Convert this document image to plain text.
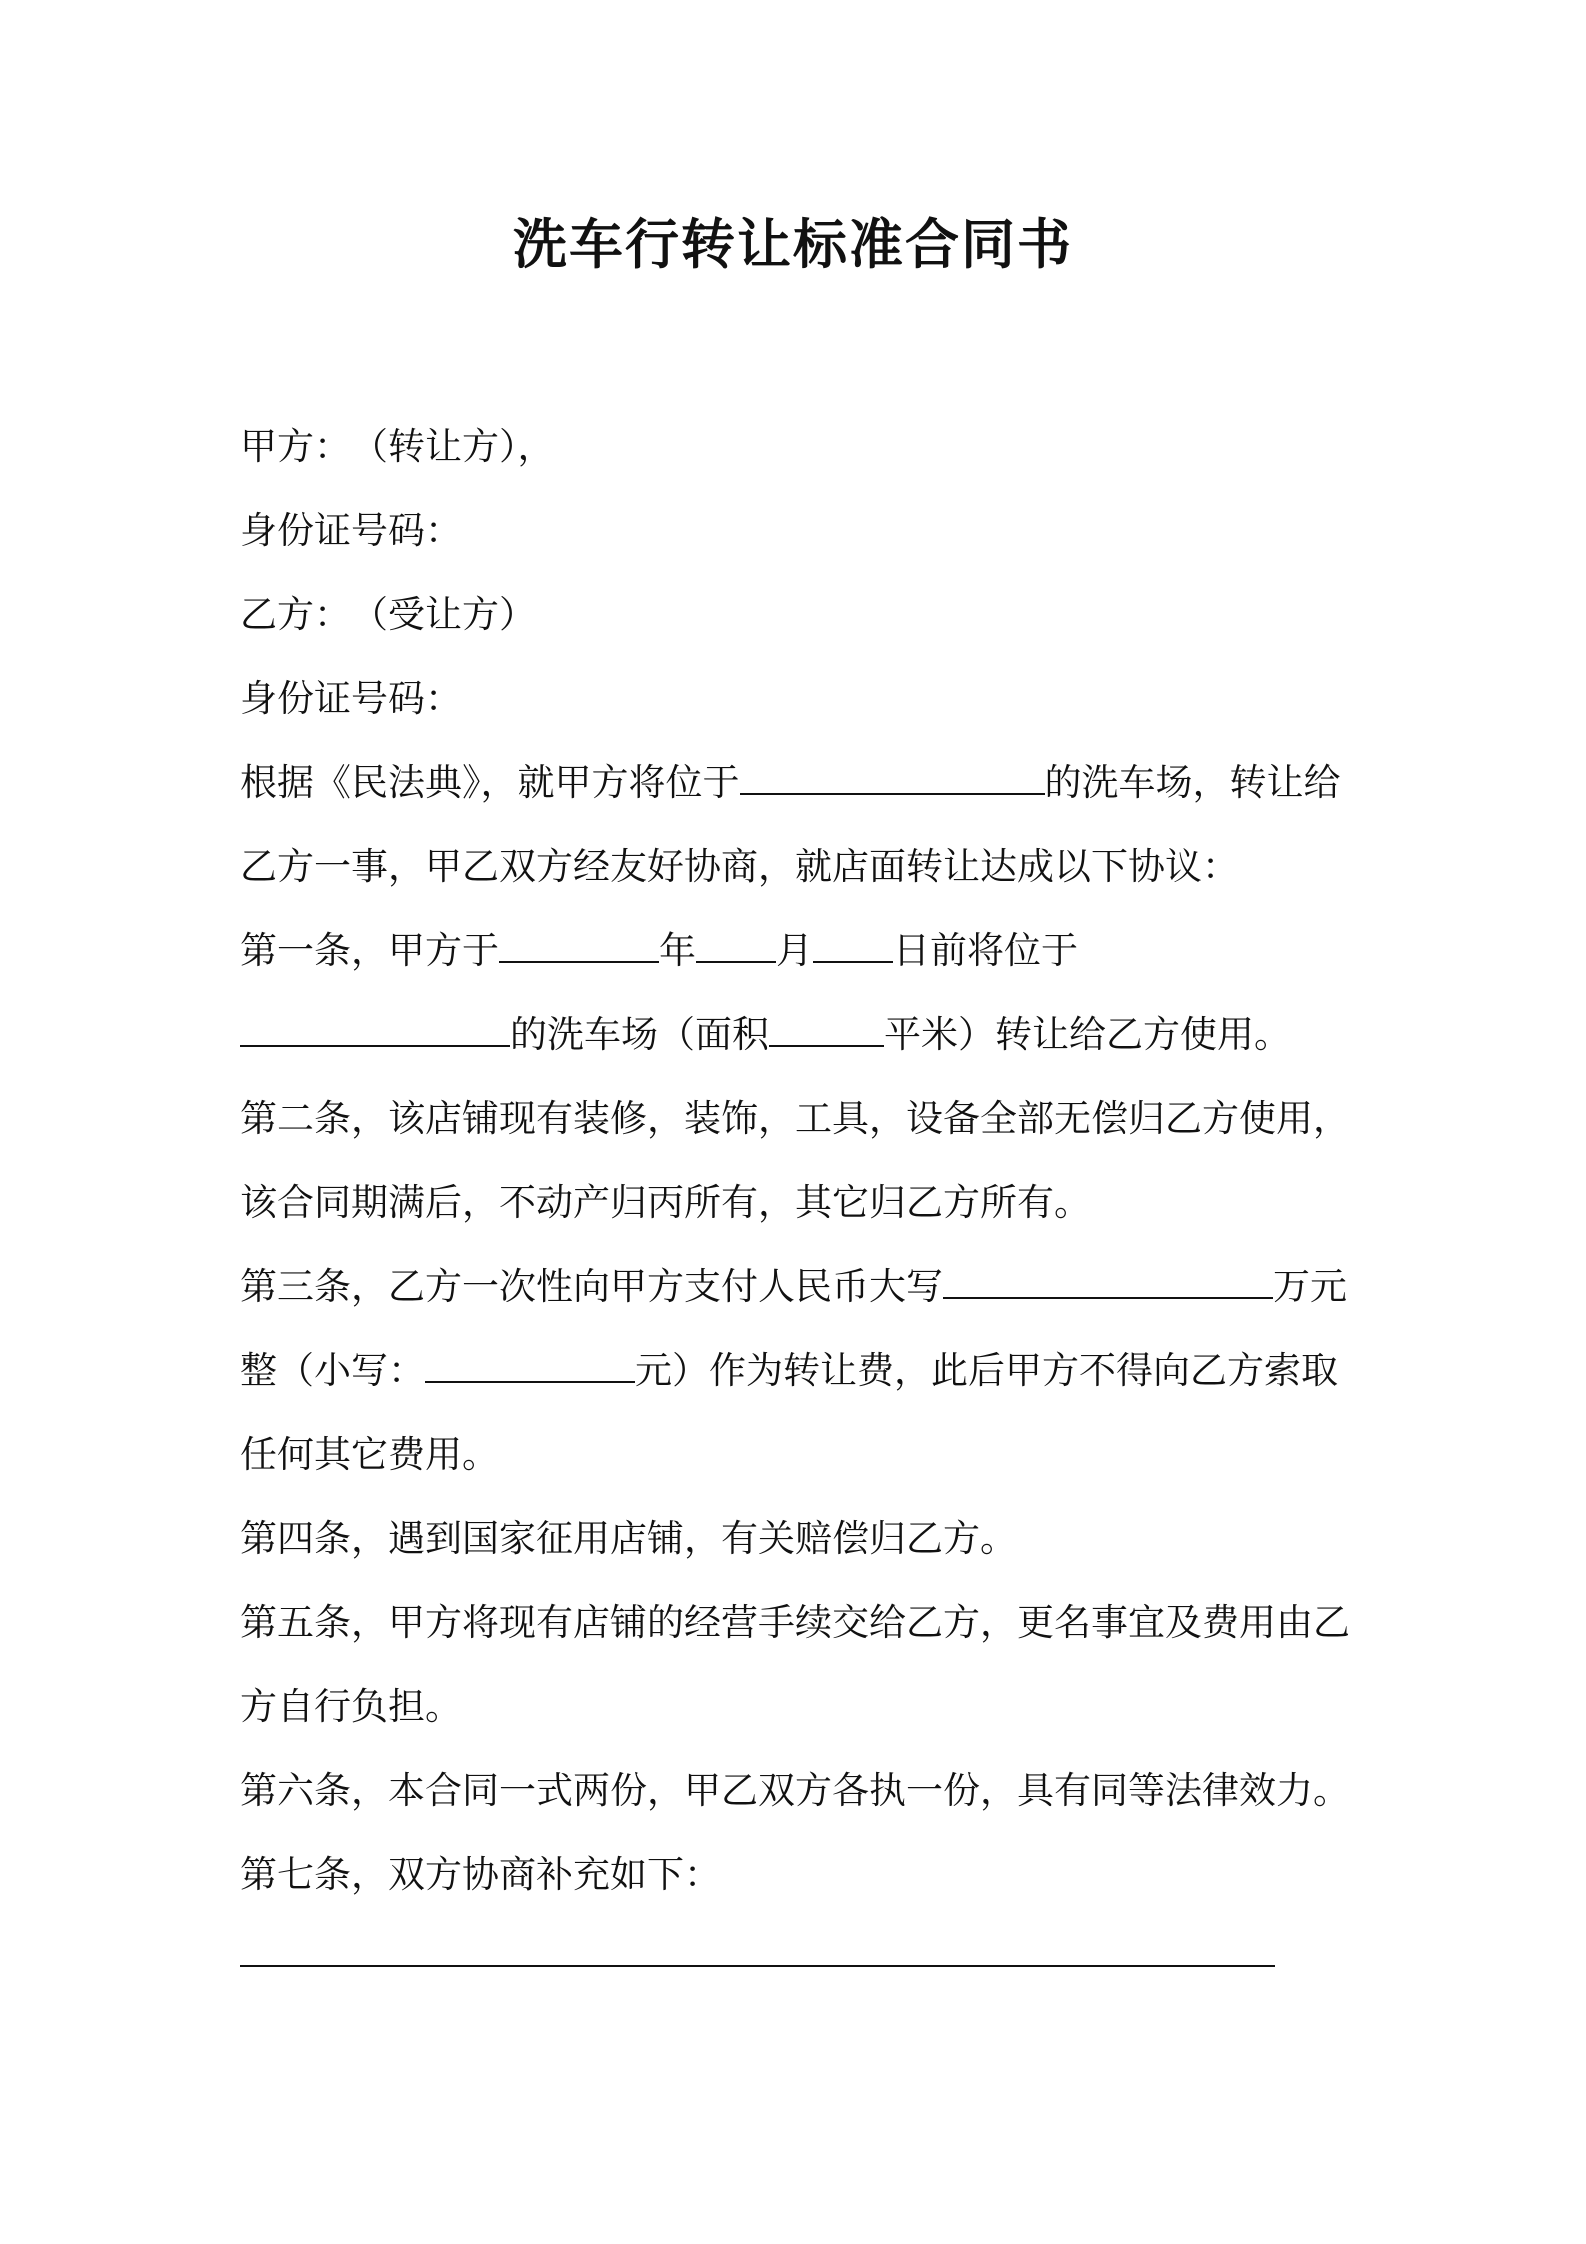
洗车行转让标准合同书
甲方：　（转让方），
身份证号码：
乙方：　（受让方）
身份证号码：
根据《民法典》，就甲方将位于	的洗车场，转让给
乙方一事，甲乙双方经友好协商，就店面转让达成以下协议：
第一条，甲方于	年 月 日前将位于
的洗车场（面积	平米）转让给乙方使用。
第二条，该店铺现有装修，装饰，工具，设备全部无偿归乙方使用，
该合同期满后，不动产归丙所有，其它归乙方所有。
第三条，乙方一次性向甲方支付人民币大写	万元
整（小写：	元）作为转让费，此后甲方不得向乙方索取
任何其它费用。
第四条，遇到国家征用店铺，有关赔偿归乙方。
第五条，甲方将现有店铺的经营手续交给乙方，更名事宜及费用由乙
方自行负担。
第六条，本合同一式两份，甲乙双方各执一份，具有同等法律效力。
第七条，双方协商补充如下：
